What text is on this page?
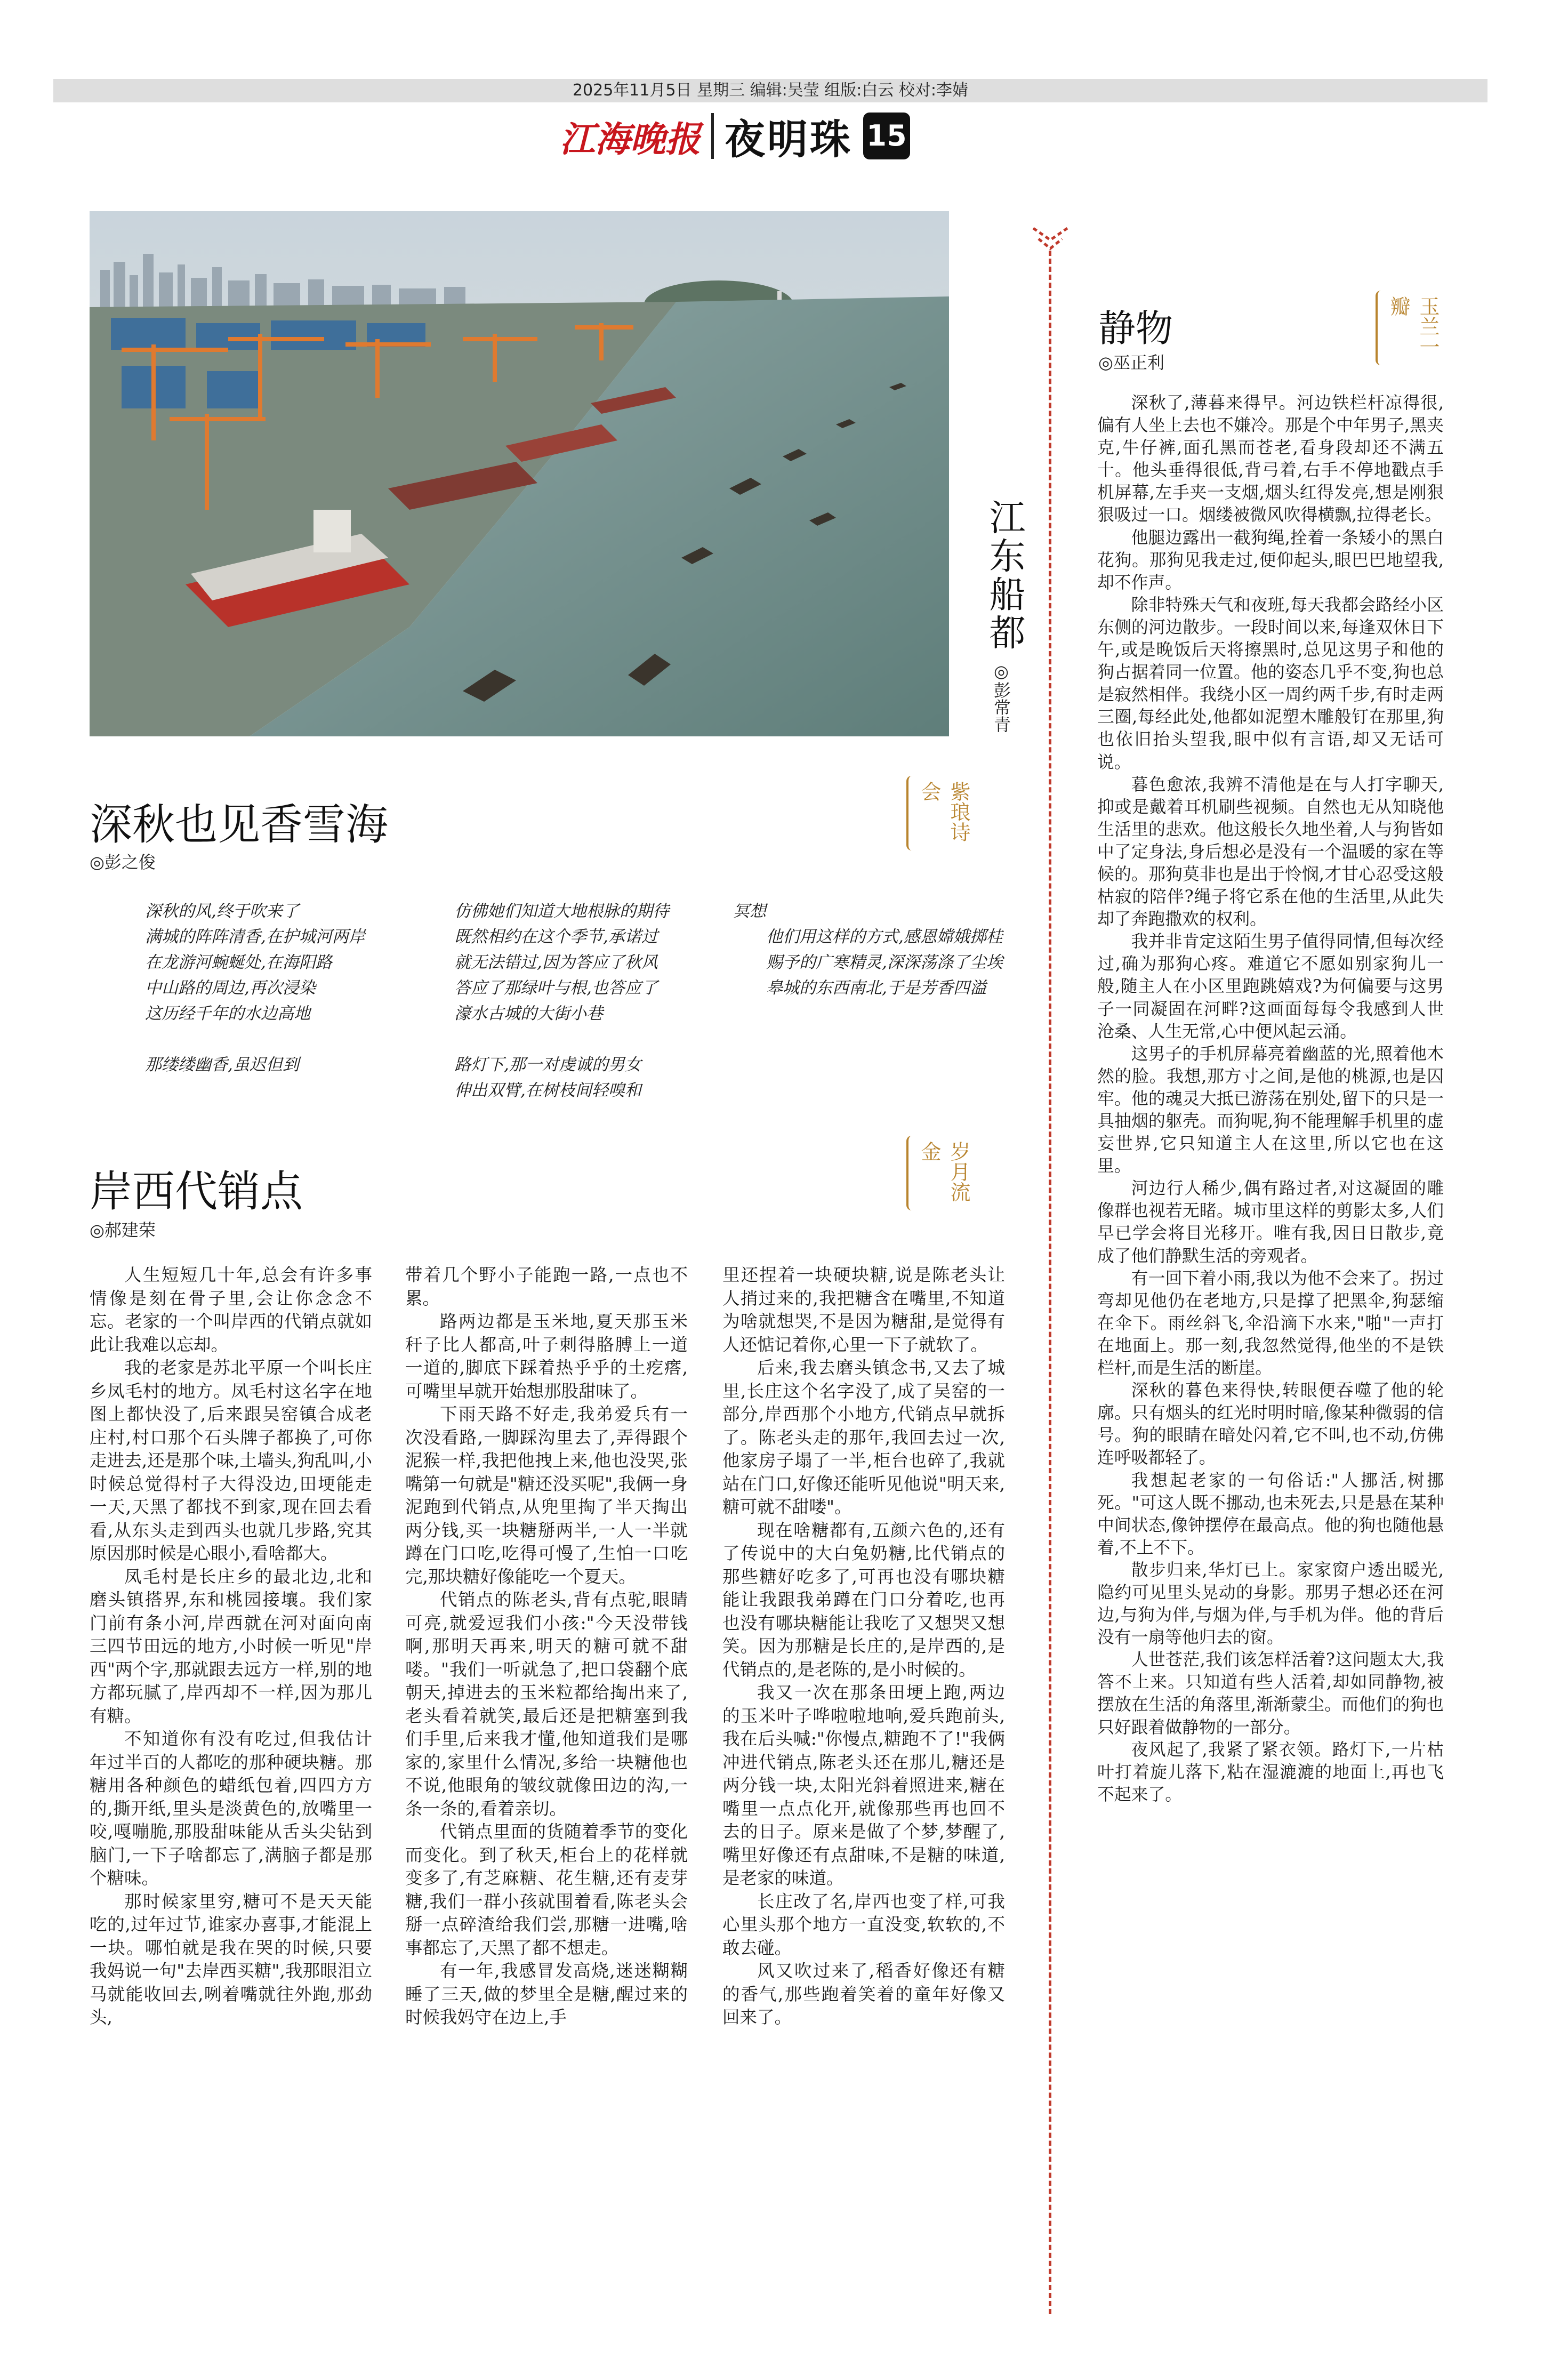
2025年11月5日 星期三 编辑:吴莹 组版:白云 校对:李婧
江海晚报 夜明珠 15
江东船都
◎彭常青
深秋也见香雪海
◎彭之俊
紫琅诗会

深秋的风,终于吹来了

满城的阵阵清香,在护城河两岸

在龙游河蜿蜒处,在海阳路

中山路的周边,再次浸染

这历经千年的水边高地

那缕缕幽香,虽迟但到

仿佛她们知道大地根脉的期待

既然相约在这个季节,承诺过

就无法错过,因为答应了秋风

答应了那绿叶与根,也答应了

濠水古城的大街小巷

路灯下,那一对虔诚的男女

伸出双臂,在树枝间轻嗅和

冥想

他们用这样的方式,感恩嫦娥掷桂

赐予的广寒精灵,深深荡涤了尘埃

皋城的东西南北,于是芳香四溢

岸西代销点
◎郝建荣
岁月流金

人生短短几十年,总会有许多事情像是刻在骨子里,会让你念念不忘。老家的一个叫岸西的代销点就如此让我难以忘却。

我的老家是苏北平原一个叫长庄乡凤毛村的地方。凤毛村这名字在地图上都快没了,后来跟吴窑镇合成老庄村,村口那个石头牌子都换了,可你走进去,还是那个味,土墙头,狗乱叫,小时候总觉得村子大得没边,田埂能走一天,天黑了都找不到家,现在回去看看,从东头走到西头也就几步路,究其原因那时候是心眼小,看啥都大。

凤毛村是长庄乡的最北边,北和磨头镇搭界,东和桃园接壤。我们家门前有条小河,岸西就在河对面向南三四节田远的地方,小时候一听见"岸西"两个字,那就跟去远方一样,别的地方都玩腻了,岸西却不一样,因为那儿有糖。

不知道你有没有吃过,但我估计年过半百的人都吃的那种硬块糖。那糖用各种颜色的蜡纸包着,四四方方的,撕开纸,里头是淡黄色的,放嘴里一咬,嘎嘣脆,那股甜味能从舌头尖钻到脑门,一下子啥都忘了,满脑子都是那个糖味。

那时候家里穷,糖可不是天天能吃的,过年过节,谁家办喜事,才能混上一块。哪怕就是我在哭的时候,只要我妈说一句"去岸西买糖",我那眼泪立马就能收回去,咧着嘴就往外跑,那劲头,

带着几个野小子能跑一路,一点也不累。

路两边都是玉米地,夏天那玉米秆子比人都高,叶子刺得胳膊上一道一道的,脚底下踩着热乎乎的土疙瘩,可嘴里早就开始想那股甜味了。

下雨天路不好走,我弟爱兵有一次没看路,一脚踩沟里去了,弄得跟个泥猴一样,我把他拽上来,他也没哭,张嘴第一句就是"糖还没买呢",我俩一身泥跑到代销点,从兜里掏了半天掏出两分钱,买一块糖掰两半,一人一半就蹲在门口吃,吃得可慢了,生怕一口吃完,那块糖好像能吃一个夏天。

代销点的陈老头,背有点驼,眼睛可亮,就爱逗我们小孩:"今天没带钱啊,那明天再来,明天的糖可就不甜喽。"我们一听就急了,把口袋翻个底朝天,掉进去的玉米粒都给掏出来了,老头看着就笑,最后还是把糖塞到我们手里,后来我才懂,他知道我们是哪家的,家里什么情况,多给一块糖他也不说,他眼角的皱纹就像田边的沟,一条一条的,看着亲切。

代销点里面的货随着季节的变化而变化。到了秋天,柜台上的花样就变多了,有芝麻糖、花生糖,还有麦芽糖,我们一群小孩就围着看,陈老头会掰一点碎渣给我们尝,那糖一进嘴,啥事都忘了,天黑了都不想走。

有一年,我感冒发高烧,迷迷糊糊睡了三天,做的梦里全是糖,醒过来的时候我妈守在边上,手

里还捏着一块硬块糖,说是陈老头让人捎过来的,我把糖含在嘴里,不知道为啥就想哭,不是因为糖甜,是觉得有人还惦记着你,心里一下子就软了。

后来,我去磨头镇念书,又去了城里,长庄这个名字没了,成了吴窑的一部分,岸西那个小地方,代销点早就拆了。陈老头走的那年,我回去过一次,他家房子塌了一半,柜台也碎了,我就站在门口,好像还能听见他说"明天来,糖可就不甜喽"。

现在啥糖都有,五颜六色的,还有了传说中的大白兔奶糖,比代销点的那些糖好吃多了,可再也没有哪块糖能让我跟我弟蹲在门口分着吃,也再也没有哪块糖能让我吃了又想哭又想笑。因为那糖是长庄的,是岸西的,是代销点的,是老陈的,是小时候的。

我又一次在那条田埂上跑,两边的玉米叶子哗啦啦地响,爱兵跑前头,我在后头喊:"你慢点,糖跑不了!"我俩冲进代销点,陈老头还在那儿,糖还是两分钱一块,太阳光斜着照进来,糖在嘴里一点点化开,就像那些再也回不去的日子。原来是做了个梦,梦醒了,嘴里好像还有点甜味,不是糖的味道,是老家的味道。

长庄改了名,岸西也变了样,可我心里头那个地方一直没变,软软的,不敢去碰。

风又吹过来了,稻香好像还有糖的香气,那些跑着笑着的童年好像又回来了。

静物
◎巫正利
玉兰一瓣

深秋了,薄暮来得早。河边铁栏杆凉得很,偏有人坐上去也不嫌冷。那是个中年男子,黑夹克,牛仔裤,面孔黑而苍老,看身段却还不满五十。他头垂得很低,背弓着,右手不停地戳点手机屏幕,左手夹一支烟,烟头红得发亮,想是刚狠狠吸过一口。烟缕被微风吹得横飘,拉得老长。

他腿边露出一截狗绳,拴着一条矮小的黑白花狗。那狗见我走过,便仰起头,眼巴巴地望我,却不作声。

除非特殊天气和夜班,每天我都会路经小区东侧的河边散步。一段时间以来,每逢双休日下午,或是晚饭后天将擦黑时,总见这男子和他的狗占据着同一位置。他的姿态几乎不变,狗也总是寂然相伴。我绕小区一周约两千步,有时走两三圈,每经此处,他都如泥塑木雕般钉在那里,狗也依旧抬头望我,眼中似有言语,却又无话可说。

暮色愈浓,我辨不清他是在与人打字聊天,抑或是戴着耳机刷些视频。自然也无从知晓他生活里的悲欢。他这般长久地坐着,人与狗皆如中了定身法,身后想必是没有一个温暖的家在等候的。那狗莫非也是出于怜悯,才甘心忍受这般枯寂的陪伴?绳子将它系在他的生活里,从此失却了奔跑撒欢的权利。

我并非肯定这陌生男子值得同情,但每次经过,确为那狗心疼。难道它不愿如别家狗儿一般,随主人在小区里跑跳嬉戏?为何偏要与这男子一同凝固在河畔?这画面每每令我感到人世沧桑、人生无常,心中便风起云涌。

这男子的手机屏幕亮着幽蓝的光,照着他木然的脸。我想,那方寸之间,是他的桃源,也是囚牢。他的魂灵大抵已游荡在别处,留下的只是一具抽烟的躯壳。而狗呢,狗不能理解手机里的虚妄世界,它只知道主人在这里,所以它也在这里。

河边行人稀少,偶有路过者,对这凝固的雕像群也视若无睹。城市里这样的剪影太多,人们早已学会将目光移开。唯有我,因日日散步,竟成了他们静默生活的旁观者。

有一回下着小雨,我以为他不会来了。拐过弯却见他仍在老地方,只是撑了把黑伞,狗瑟缩在伞下。雨丝斜飞,伞沿滴下水来,"啪"一声打在地面上。那一刻,我忽然觉得,他坐的不是铁栏杆,而是生活的断崖。

深秋的暮色来得快,转眼便吞噬了他的轮廓。只有烟头的红光时明时暗,像某种微弱的信号。狗的眼睛在暗处闪着,它不叫,也不动,仿佛连呼吸都轻了。

我想起老家的一句俗话:"人挪活,树挪死。"可这人既不挪动,也未死去,只是悬在某种中间状态,像钟摆停在最高点。他的狗也随他悬着,不上不下。

散步归来,华灯已上。家家窗户透出暖光,隐约可见里头晃动的身影。那男子想必还在河边,与狗为伴,与烟为伴,与手机为伴。他的背后没有一扇等他归去的窗。

人世苍茫,我们该怎样活着?这问题太大,我答不上来。只知道有些人活着,却如同静物,被摆放在生活的角落里,渐渐蒙尘。而他们的狗也只好跟着做静物的一部分。

夜风起了,我紧了紧衣领。路灯下,一片枯叶打着旋儿落下,粘在湿漉漉的地面上,再也飞不起来了。
